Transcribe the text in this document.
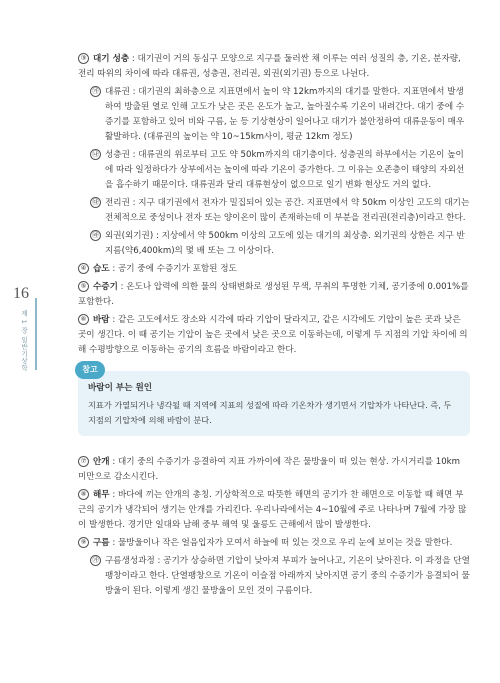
16
제 1 장 일반기상학
③ 대기 성층 : 대기권이 거의 동심구 모양으로 지구를 둘러싼 채 이루는 여러 성질의 층, 기온, 분자량, 전리 따위의 차이에 따라 대류권, 성층권, 전리권, 외권(외기권) 등으로 나뉜다.
㉮ 대류권 : 대기권의 최하층으로 지표면에서 높이 약 12km까지의 대기를 말한다. 지표면에서 발생하여 방출된 열로 인해 고도가 낮은 곳은 온도가 높고, 높아질수록 기온이 내려간다. 대기 중에 수증기를 포함하고 있어 비와 구름, 눈 등 기상현상이 일어나고 대기가 불안정하여 대류운동이 매우 활발하다. (대류권의 높이는 약 10~15km사이, 평균 12km 정도)
㉯ 성층권 : 대류권의 위로부터 고도 약 50km까지의 대기층이다. 성층권의 하부에서는 기온이 높이에 따라 일정하다가 상부에서는 높이에 따라 기온이 증가한다. 그 이유는 오존층이 태양의 자외선을 흡수하기 때문이다. 대류권과 달리 대류현상이 없으므로 일기 변화 현상도 거의 없다.
㉰ 전리권 : 지구 대기권에서 전자가 밀집되어 있는 공간. 지표면에서 약 50km 이상인 고도의 대기는 전체적으로 중성이나 전자 또는 양이온이 많이 존재하는데 이 부분을 전리권(전리층)이라고 한다.
㉱ 외권(외기권) : 지상에서 약 500km 이상의 고도에 있는 대기의 최상층. 외기권의 상한은 지구 반지름(약6,400km)의 몇 배 또는 그 이상이다.
④ 습도 : 공기 중에 수증기가 포함된 정도
⑤ 수증기 : 온도나 압력에 의한 물의 상태변화로 생성된 무색, 무취의 투명한 기체, 공기중에 0.001%를 포함한다.
⑥ 바람 : 같은 고도에서도 장소와 시각에 따라 기압이 달라지고, 같은 시각에도 기압이 높은 곳과 낮은 곳이 생긴다. 이 때 공기는 기압이 높은 곳에서 낮은 곳으로 이동하는데, 이렇게 두 지점의 기압 차이에 의해 수평방향으로 이동하는 공기의 흐름을 바람이라고 한다.
참고
바람이 부는 원인
지표가 가열되거나 냉각될 때 지역에 지표의 성질에 따라 기온차가 생기면서 기압차가 나타난다. 즉, 두 지점의 기압차에 의해 바람이 분다.
⑦ 안개 : 대기 중의 수증기가 응결하여 지표 가까이에 작은 물방울이 떠 있는 현상. 가시거리를 10km 미만으로 감소시킨다.
⑧ 해무 : 바다에 끼는 안개의 총칭. 기상학적으로 따뜻한 해면의 공기가 찬 해면으로 이동할 때 해면 부근의 공기가 냉각되어 생기는 안개를 가리킨다. 우리나라에서는 4~10월에 주로 나타나며 7월에 가장 많이 발생한다. 경기만 일대와 남해 중부 해역 및 울릉도 근해에서 많이 발생한다.
⑨ 구름 : 물방울이나 작은 얼음입자가 모여서 하늘에 떠 있는 것으로 우리 눈에 보이는 것을 말한다.
㉮ 구름생성과정 : 공기가 상승하면 기압이 낮아져 부피가 늘어나고, 기온이 낮아진다. 이 과정을 단열팽창이라고 한다. 단열팽창으로 기온이 이슬점 아래까지 낮아지면 공기 중의 수증기가 응결되어 물방울이 된다. 이렇게 생긴 물방울이 모인 것이 구름이다.
